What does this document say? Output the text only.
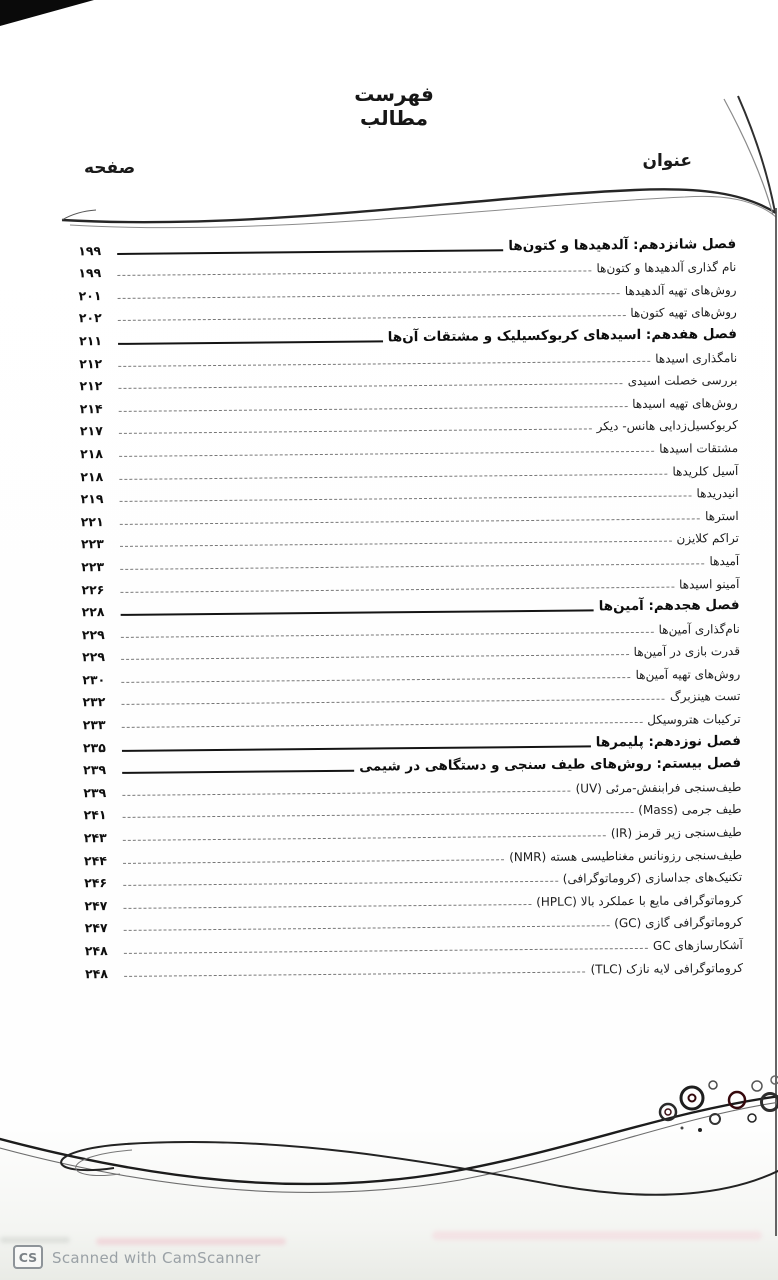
فهرست مطالب
عنوان
صفحه
فصل شانزدهم: آلدهیدها و کتون‌ها
۱۹۹
نام گذاری آلدهیدها و کتون‌ها
۱۹۹
روش‌های تهیه آلدهیدها
۲۰۱
روش‌های تهیه کتون‌ها
۲۰۲
فصل هفدهم: اسیدهای کربوکسیلیک و مشتقات آن‌ها
۲۱۱
نامگذاری اسیدها
۲۱۲
بررسی خصلت اسیدی
۲۱۲
روش‌های تهیه اسیدها
۲۱۴
کربوکسیل‌زدایی هانس- دیکر
۲۱۷
مشتقات اسیدها
۲۱۸
آسیل کلریدها
۲۱۸
انیدریدها
۲۱۹
استرها
۲۲۱
تراکم کلایزن
۲۲۳
آمیدها
۲۲۳
آمینو اسیدها
۲۲۶
فصل هجدهم: آمین‌ها
۲۲۸
نام‌گذاری آمین‌ها
۲۲۹
قدرت بازی در آمین‌ها
۲۲۹
روش‌های تهیه آمین‌ها
۲۳۰
تست هینزبرگ
۲۳۲
ترکیبات هتروسیکل
۲۳۳
فصل نوزدهم: پلیمرها
۲۳۵
فصل بیستم: روش‌های طیف سنجی و دستگاهی در شیمی
۲۳۹
طیف‌سنجی فرابنفش-مرئی (UV)
۲۳۹
طیف جرمی (Mass)
۲۴۱
طیف‌سنجی زیر قرمز (IR)
۲۴۳
طیف‌سنجی رزونانس مغناطیسی هسته (NMR)
۲۴۴
تکنیک‌های جداسازی (کروماتوگرافی)
۲۴۶
کروماتوگرافی مایع با عملکرد بالا (HPLC)
۲۴۷
کروماتوگرافی گازی (GC)
۲۴۷
آشکارسازهای GC
۲۴۸
کروماتوگرافی لایه نازک (TLC)
۲۴۸
CS Scanned with CamScanner
